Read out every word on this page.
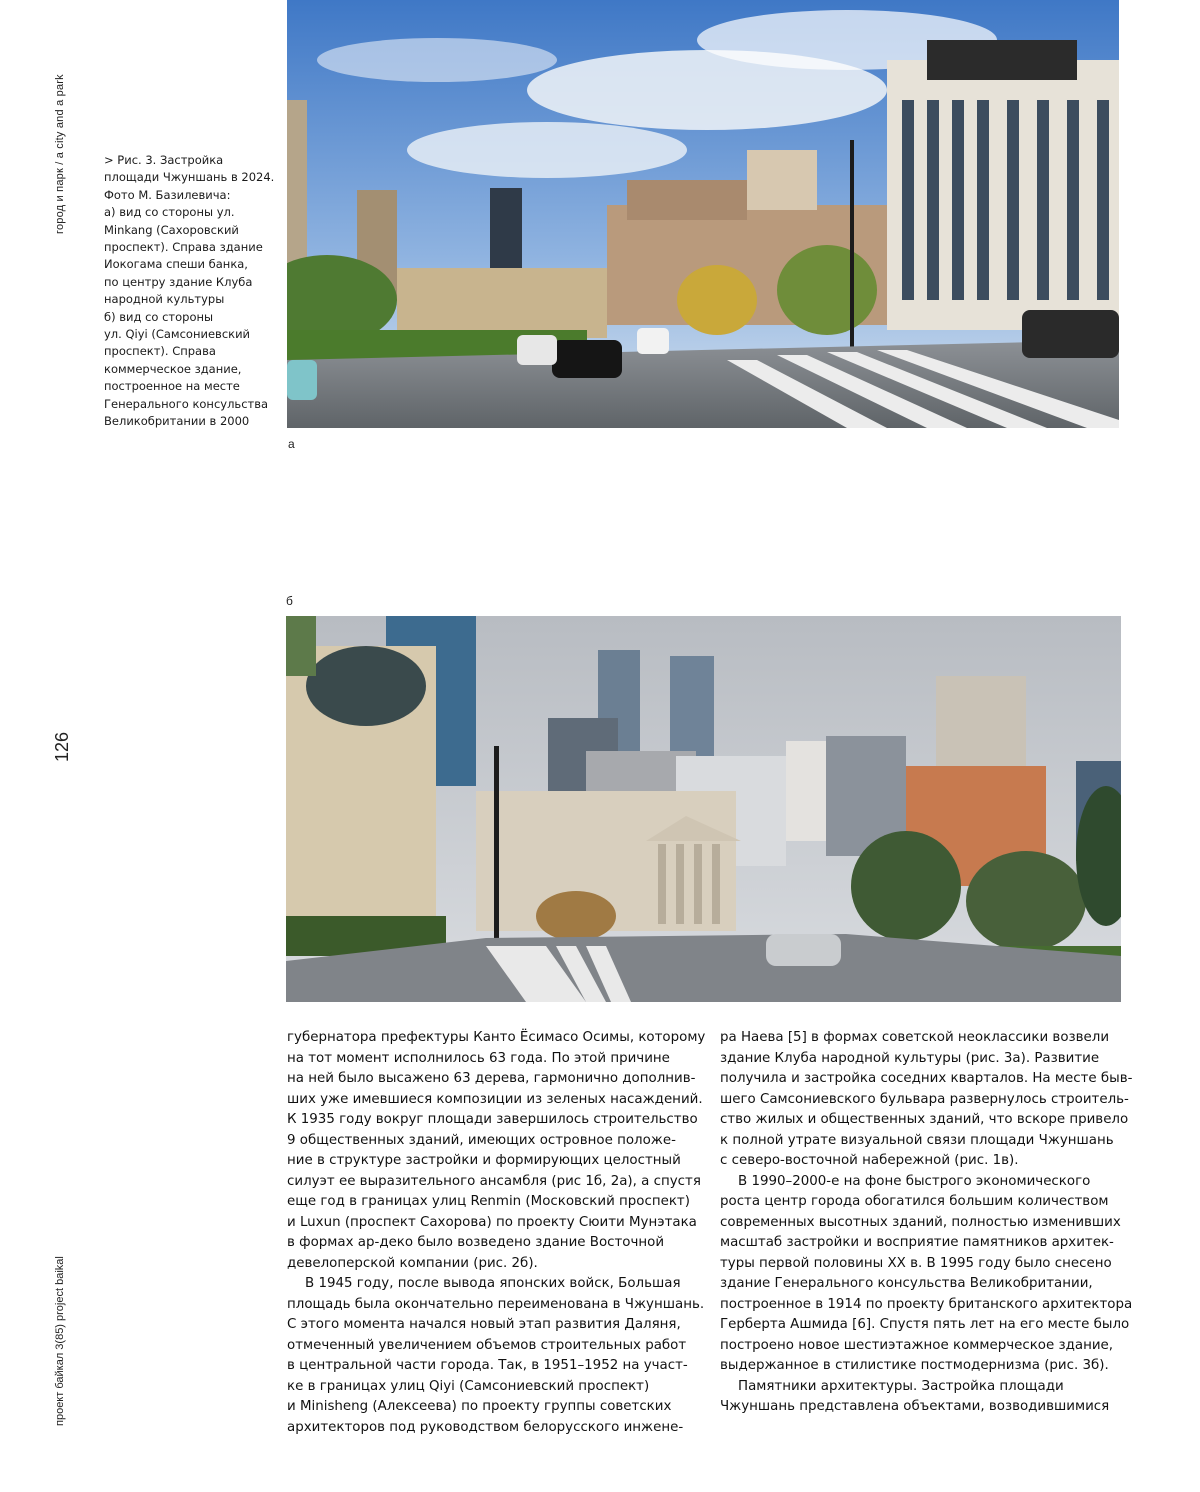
город и парк / a city and a park
126
проект байкал 3(85) project baikal
> Рис. 3. Застройка
площади Чжуншань в 2024.
Фото М. Базилевича:
а) вид со стороны ул.
Minkang (Сахоровский
проспект). Справа здание
Иокогама спеши банка,
по центру здание Клуба
народной культуры
б) вид со стороны
ул. Qiyi (Самсониевский
проспект). Справа
коммерческое здание,
построенное на месте
Генерального консульства
Великобритании в 2000
а
б
губернатора префектуры Канто Ёсимасо Осимы, которому
на тот момент исполнилось 63 года. По этой причине
на ней было высажено 63 дерева, гармонично дополнив-
ших уже имевшиеся композиции из зеленых насаждений.
К 1935 году вокруг площади завершилось строительство
9 общественных зданий, имеющих островное положе-
ние в структуре застройки и формирующих целостный
силуэт ее выразительного ансамбля (рис 1б, 2а), а спустя
еще год в границах улиц Renmin (Московский проспект)
и Luxun (проспект Сахорова) по проекту Сюити Мунэтака
в формах ар-деко было возведено здание Восточной
девелоперской компании (рис. 2б).
В 1945 году, после вывода японских войск, Большая
площадь была окончательно переименована в Чжуншань.
С этого момента начался новый этап развития Даляня,
отмеченный увеличением объемов строительных работ
в центральной части города. Так, в 1951–1952 на участ-
ке в границах улиц Qiyi (Самсониевский проспект)
и Minisheng (Алексеева) по проекту группы советских
архитекторов под руководством белорусского инжене-
ра Наева [5] в формах советской неоклассики возвели
здание Клуба народной культуры (рис. 3а). Развитие
получила и застройка соседних кварталов. На месте быв-
шего Самсониевского бульвара развернулось строитель-
ство жилых и общественных зданий, что вскоре привело
к полной утрате визуальной связи площади Чжуншань
с северо-восточной набережной (рис. 1в).
В 1990–2000-е на фоне быстрого экономического
роста центр города обогатился большим количеством
современных высотных зданий, полностью изменивших
масштаб застройки и восприятие памятников архитек-
туры первой половины XX в. В 1995 году было снесено
здание Генерального консульства Великобритании,
построенное в 1914 по проекту британского архитектора
Герберта Ашмида [6]. Спустя пять лет на его месте было
построено новое шестиэтажное коммерческое здание,
выдержанное в стилистике постмодернизма (рис. 3б).
Памятники архитектуры. Застройка площади
Чжуншань представлена объектами, возводившимися
